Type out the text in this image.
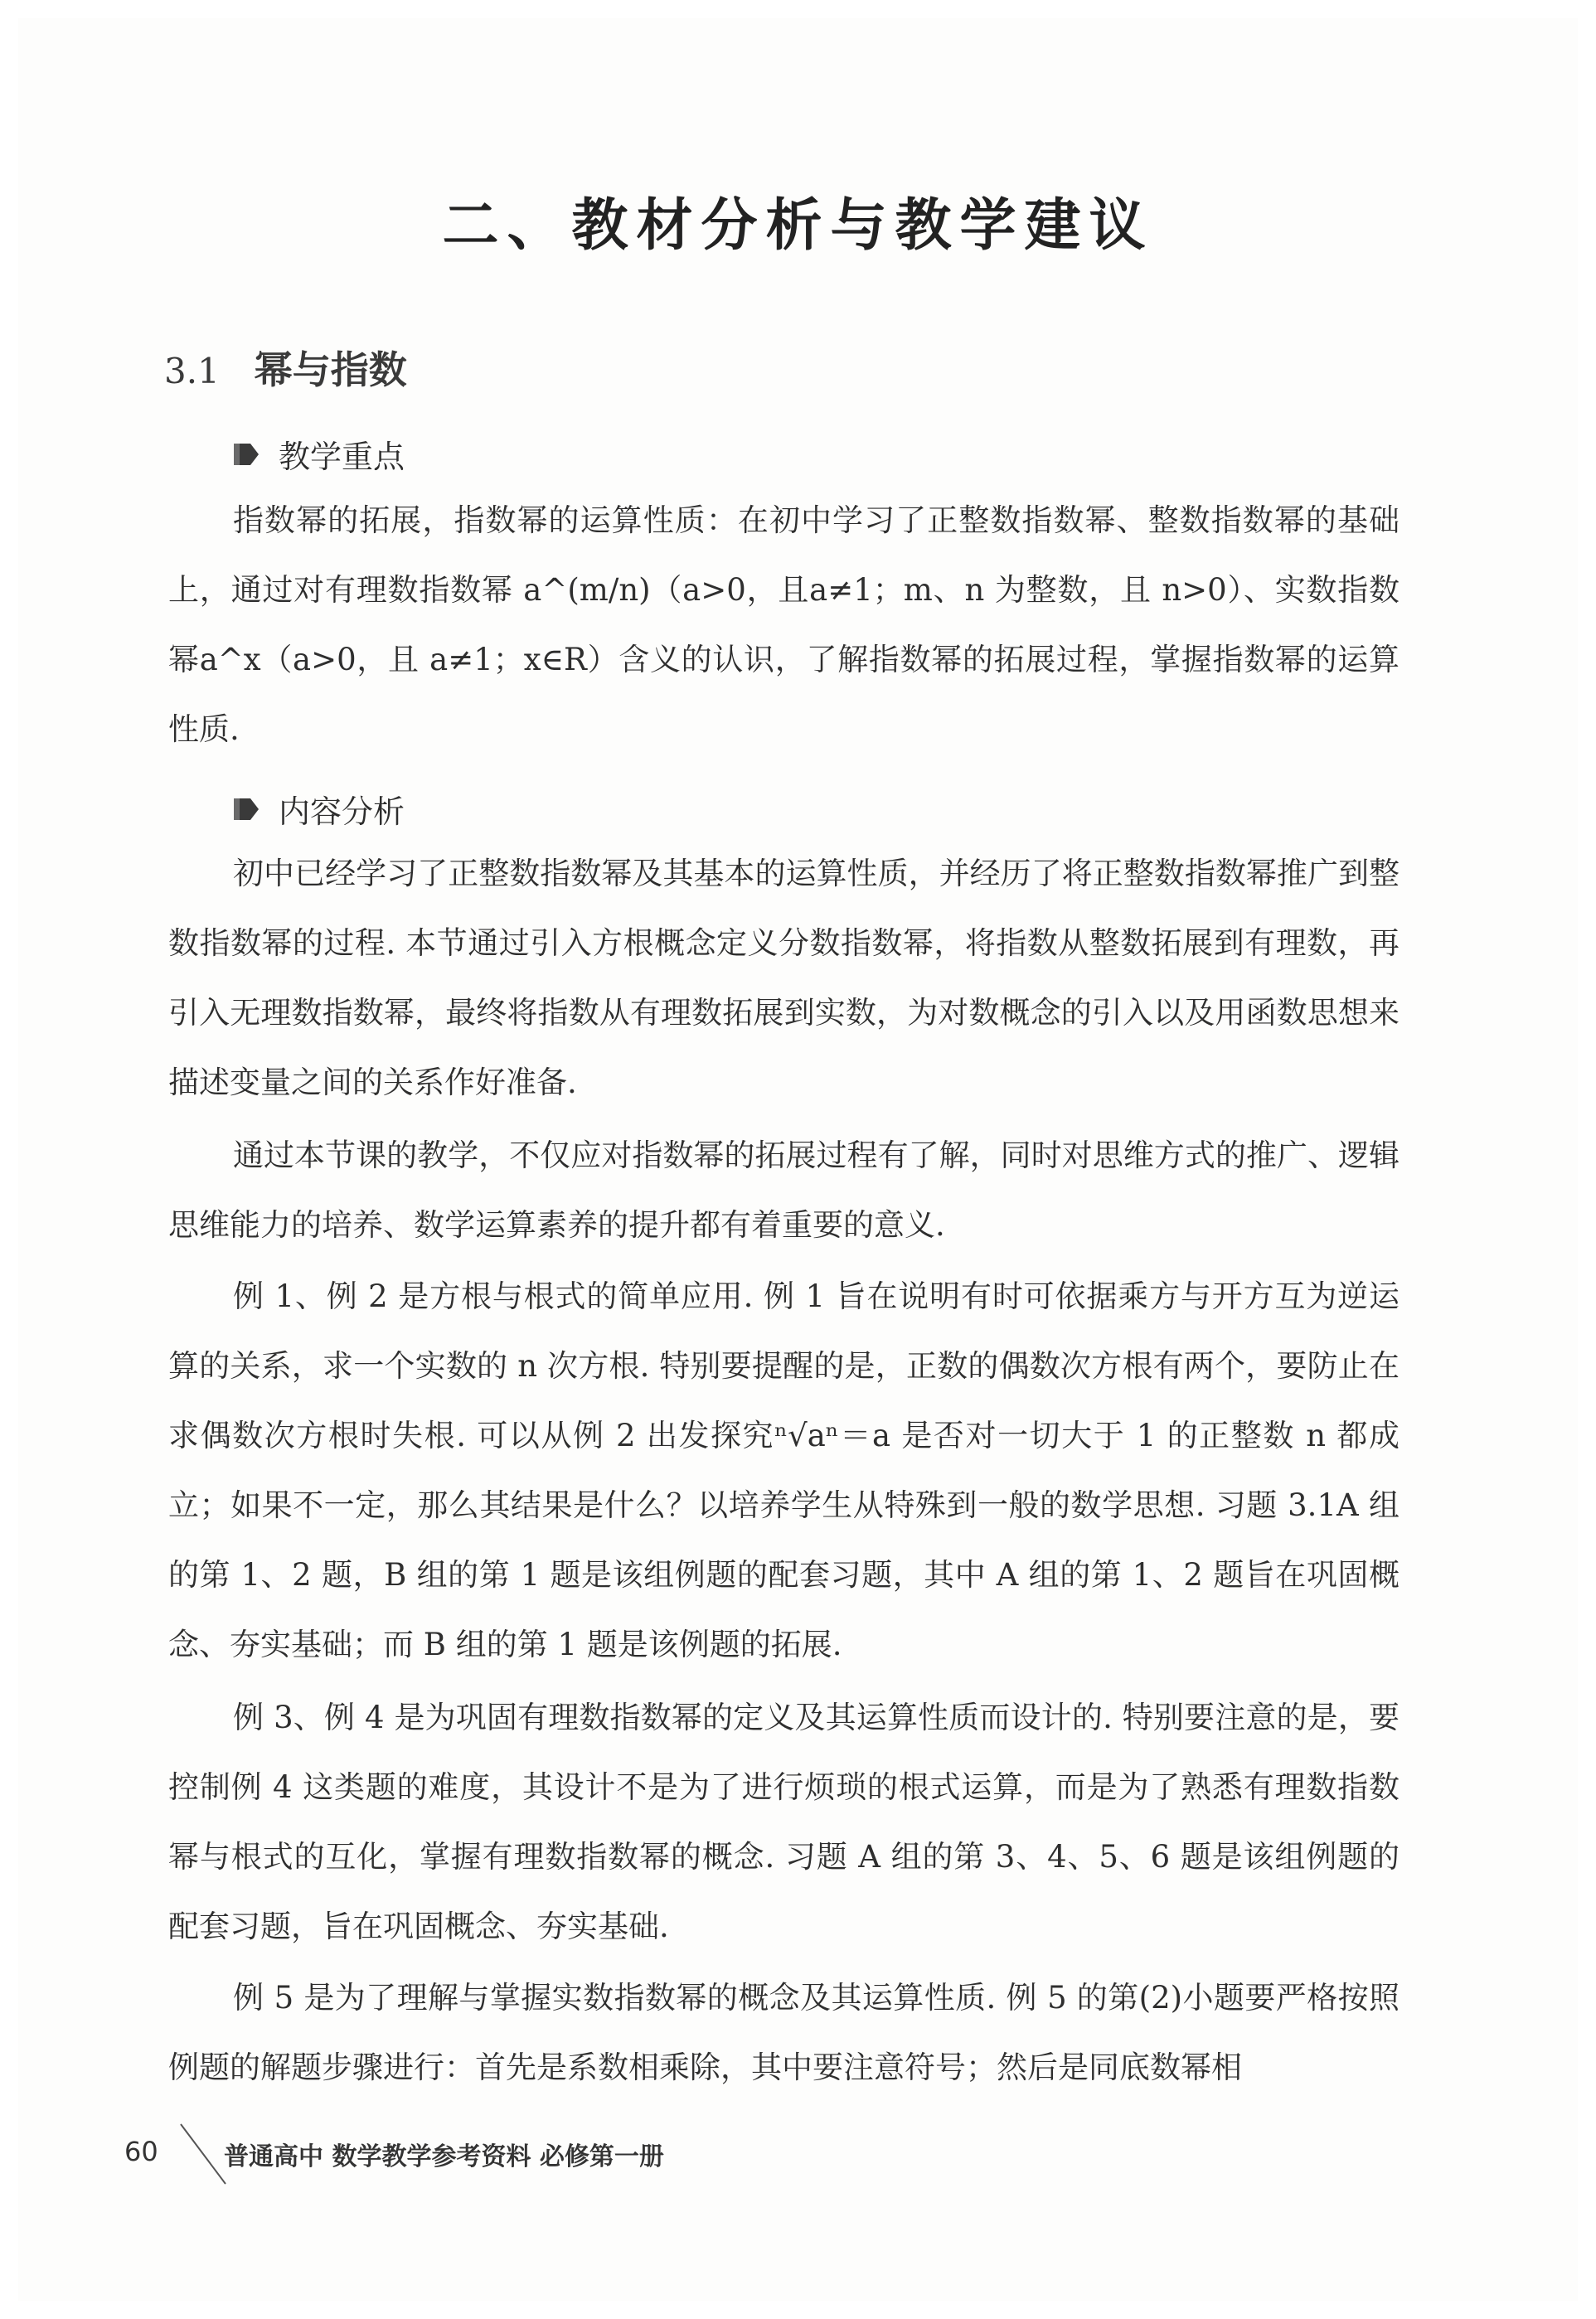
二、教材分析与教学建议
3.1 幂与指数
教学重点

指数幂的拓展，指数幂的运算性质：在初中学习了正整数指数幂、整数指数幂的基础上，通过对有理数指数幂 a^(m/n)（a>0，且a≠1；m、n 为整数，且 n>0）、实数指数幂a^x（a>0，且 a≠1；x∈R）含义的认识，了解指数幂的拓展过程，掌握指数幂的运算性质.

内容分析

初中已经学习了正整数指数幂及其基本的运算性质，并经历了将正整数指数幂推广到整数指数幂的过程. 本节通过引入方根概念定义分数指数幂，将指数从整数拓展到有理数，再引入无理数指数幂，最终将指数从有理数拓展到实数，为对数概念的引入以及用函数思想来描述变量之间的关系作好准备.

通过本节课的教学，不仅应对指数幂的拓展过程有了解，同时对思维方式的推广、逻辑思维能力的培养、数学运算素养的提升都有着重要的意义.

例 1、例 2 是方根与根式的简单应用. 例 1 旨在说明有时可依据乘方与开方互为逆运算的关系，求一个实数的 n 次方根. 特别要提醒的是，正数的偶数次方根有两个，要防止在求偶数次方根时失根. 可以从例 2 出发探究ⁿ√aⁿ＝a 是否对一切大于 1 的正整数 n 都成立；如果不一定，那么其结果是什么？以培养学生从特殊到一般的数学思想. 习题 3.1A 组的第 1、2 题，B 组的第 1 题是该组例题的配套习题，其中 A 组的第 1、2 题旨在巩固概念、夯实基础；而 B 组的第 1 题是该例题的拓展.

例 3、例 4 是为巩固有理数指数幂的定义及其运算性质而设计的. 特别要注意的是，要控制例 4 这类题的难度，其设计不是为了进行烦琐的根式运算，而是为了熟悉有理数指数幂与根式的互化，掌握有理数指数幂的概念. 习题 A 组的第 3、4、5、6 题是该组例题的配套习题，旨在巩固概念、夯实基础.

例 5 是为了理解与掌握实数指数幂的概念及其运算性质. 例 5 的第(2)小题要严格按照例题的解题步骤进行：首先是系数相乘除，其中要注意符号；然后是同底数幂相

60	普通高中 数学教学参考资料 必修第一册
